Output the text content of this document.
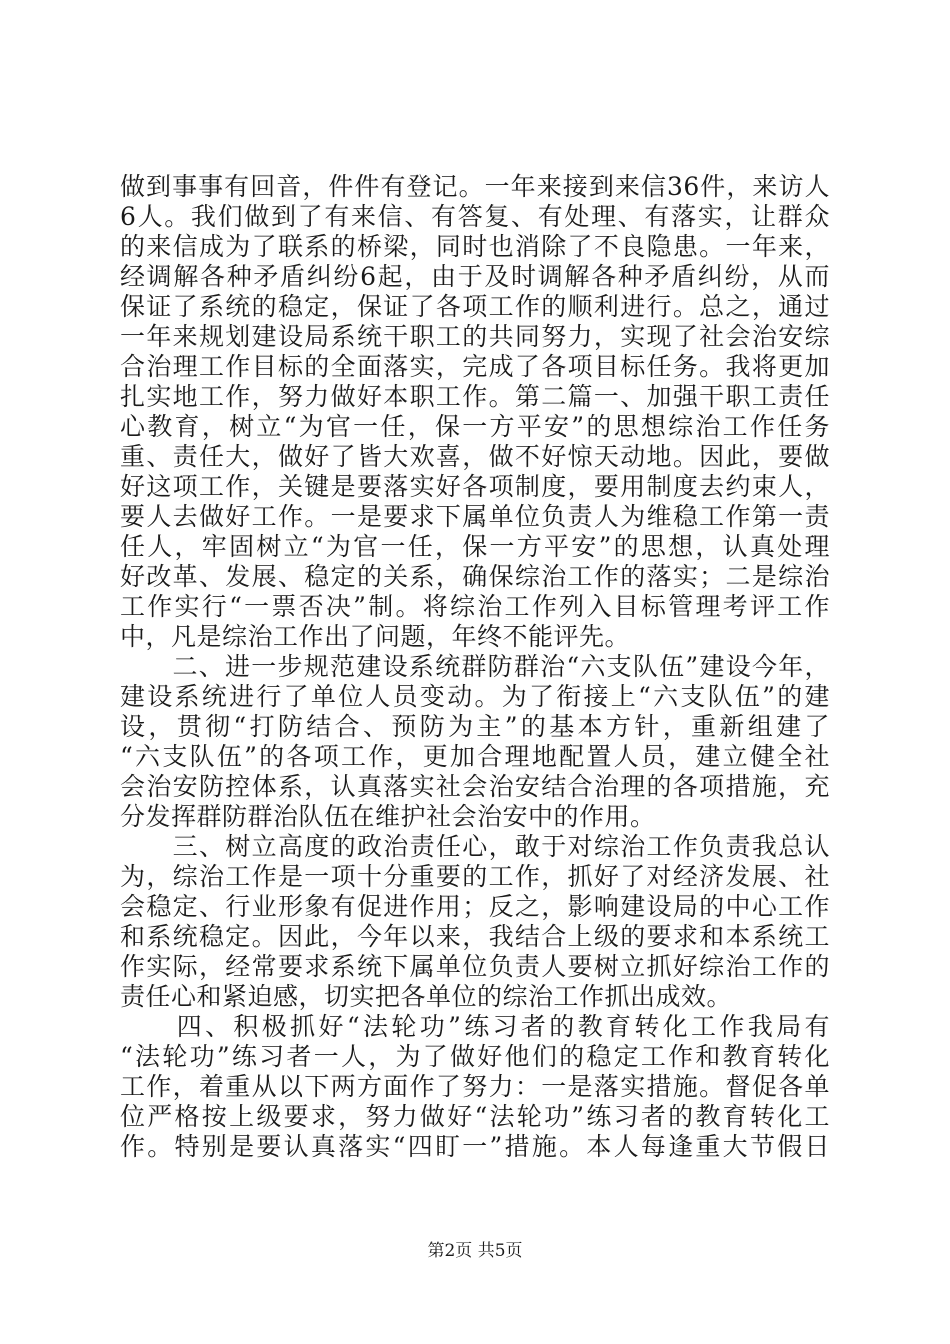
做到事事有回音，件件有登记。一年来接到来信36件，来访人
6人。我们做到了有来信、有答复、有处理、有落实，让群众
的来信成为了联系的桥梁，同时也消除了不良隐患。一年来，
经调解各种矛盾纠纷6起，由于及时调解各种矛盾纠纷，从而
保证了系统的稳定，保证了各项工作的顺利进行。总之，通过
一年来规划建设局系统干职工的共同努力，实现了社会治安综
合治理工作目标的全面落实，完成了各项目标任务。我将更加
扎实地工作，努力做好本职工作。第二篇一、加强干职工责任
心教育，树立“为官一任，保一方平安”的思想综治工作任务
重、责任大，做好了皆大欢喜，做不好惊天动地。因此，要做
好这项工作，关键是要落实好各项制度，要用制度去约束人，
要人去做好工作。一是要求下属单位负责人为维稳工作第一责
任人，牢固树立“为官一任，保一方平安”的思想，认真处理
好改革、发展、稳定的关系，确保综治工作的落实；二是综治
工作实行“一票否决”制。将综治工作列入目标管理考评工作
中，凡是综治工作出了问题，年终不能评先。
　　二、进一步规范建设系统群防群治“六支队伍”建设今年，
建设系统进行了单位人员变动。为了衔接上“六支队伍”的建
设，贯彻“打防结合、预防为主”的基本方针，重新组建了
“六支队伍”的各项工作，更加合理地配置人员，建立健全社
会治安防控体系，认真落实社会治安结合治理的各项措施，充
分发挥群防群治队伍在维护社会治安中的作用。
　　三、树立高度的政治责任心，敢于对综治工作负责我总认
为，综治工作是一项十分重要的工作，抓好了对经济发展、社
会稳定、行业形象有促进作用；反之，影响建设局的中心工作
和系统稳定。因此，今年以来，我结合上级的要求和本系统工
作实际，经常要求系统下属单位负责人要树立抓好综治工作的
责任心和紧迫感，切实把各单位的综治工作抓出成效。
　　四、积极抓好“法轮功”练习者的教育转化工作我局有
“法轮功”练习者一人，为了做好他们的稳定工作和教育转化
工作，着重从以下两方面作了努力：一是落实措施。督促各单
位严格按上级要求，努力做好“法轮功”练习者的教育转化工
作。特别是要认真落实“四盯一”措施。本人每逢重大节假日
第2页 共5页
